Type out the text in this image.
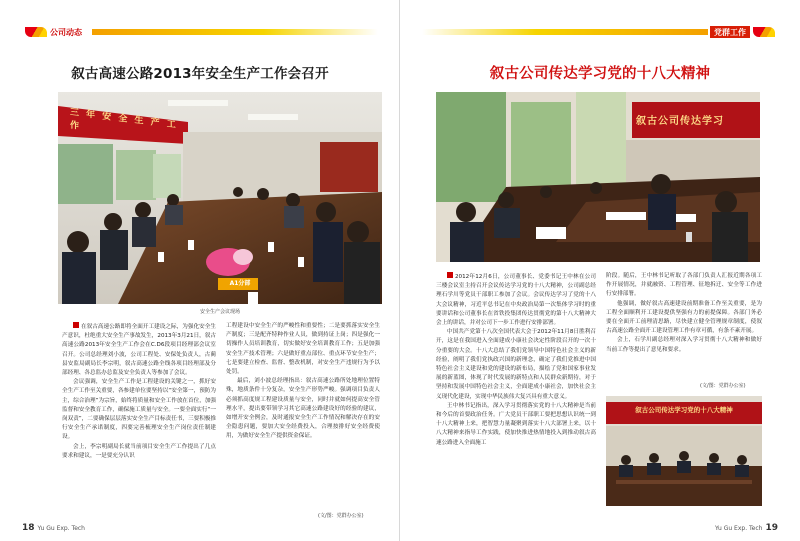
公司动态
叙古高速公路2013年安全生产工作会召开
三 年 安 全 生 产 工 作
A1分部
安全生产会议现场

在叙古高速公路即将全面开工建设之际，为强化安全生产意识，杜绝重大安全生产事故发生，2013年3月21日，叙古高速公路2013年安全生产工作会在C.D6段项目经理部会议室召开。公司总经理刘小波，公司工程处、安保处负责人，古蔺县安监局副局长李宗明，叙古高速公路全线各项目经理部及分部经理、各总监办总监及安全负责人等参加了会议。

会议强调，安全生产工作是工程建设的关键之一，抓好安全生产工作至关重要，各参建单位要坚持以“安全第一，预防为主，综合治理”为宗旨，始终将质量和安全工作放在首位，加强监督和安全教育工作，确保施工质量与安全。一要全面实行“一岗双责”，二要确保层层落实安全生产目标责任书，三要积极推行安全生产承诺制度，四要完善梳理安全生产岗位责任制建设。

会上，李宗明副局长就当前项目安全生产工作提出了几点要求和建议，一是要充分认识

工程建设中安全生产的严峻性和重要性；二是要抓落实安全生产制度；三是配齐特种作业人员，做到持证上岗；四是强化一切操作人员培训教育，切实做好安全培训教育工作；五是加强安全生产技术管理；六是做好重点部位、重点环节安全生产；七是要建立检查、监督、整改机制，对安全生产违规行为予以处罚。

最后，刘小波总经理指出：叙古高速公路所处地理位置特殊，地质条件十分复杂，安全生产形势严峻。强调项目负责人必须抓高度规工程建设质量与安全，同时并就如何提高安全管理水平，提出要带领学习其它高速公路建设好的经验的建议，如增开安全例会，及时通报安全生产工作情况和解决存在的安全隐患问题，要加大安全经费投入，合理按排好安全经费使用，为做好安全生产提供资金保证。

(文/图：党群办公室)
18 Yu Gu Exp. Tech
党群工作
叙古公司传达学习党的十八大精神
叙古公司传达学习

2012年12月6日，公司董事长、党委书记王中林在公司三楼会议室主持召开会议传达学习党的十八大精神，公司副总经理石学川等党员干部职工参加了会议。会议传达学习了党的十八大会议精神，习近平总书记在中央政治局第一次集体学习时的重要讲话和公司董事长在省铁投集团传达贯彻党的第十八大精神大会上的讲话，并对公司下一步工作进行安排部署。

中国共产党第十八次全国代表大会于2012年11月8日胜利召开，这是在我国进入全面建成小康社会决定性阶段召开的一次十分重要的大会。十八大总结了我们党领导中国特色社会主义的新经验，阐明了我们党执政兴国的新理念，确定了我们党推进中国特色社会主义建设和党的建设的新布局，描绘了党和国家事业发展的新蓝图，体现了时代发展的新特点和人民群众新期待，对于坚持和发展中国特色社会主义，全面建成小康社会，加快社会主义现代化建设，实现中华民族伟大复兴具有重大意义。

王中林书记指出，深入学习贯彻落实党的十八大精神是当前和今后的首要政治任务。广大党员干部职工要把思想认识统一到十八大精神上来，把智慧力量凝聚到落实十八大部署上来，以十八大精神来指导工作实践，使加快推进热情地投入到推动叙古高速公路进入全面施工

阶段。随后，王中林书记听取了各部门负责人汇报近期各项工作开展情况，并就融资、工程管理、征地拆迁、安全等工作进行安排部署。

他强调，做好叙古高速建设前期准备工作至关重要，是为工程全面顺利开工建设提供坚强有力的前提保障。各部门务必要在全面开工前理清思路，尽快建立健全管理规章制度，使叙古高速公路全面开工建设管理工作有章可循，有条不紊开展。

会上，石学川副总经理对深入学习贯彻十八大精神和做好当前工作等提出了意见和要求。

(文/图：党群办公室)
叙古公司传达学习党的十八大精神
Yu Gu Exp. Tech 19
